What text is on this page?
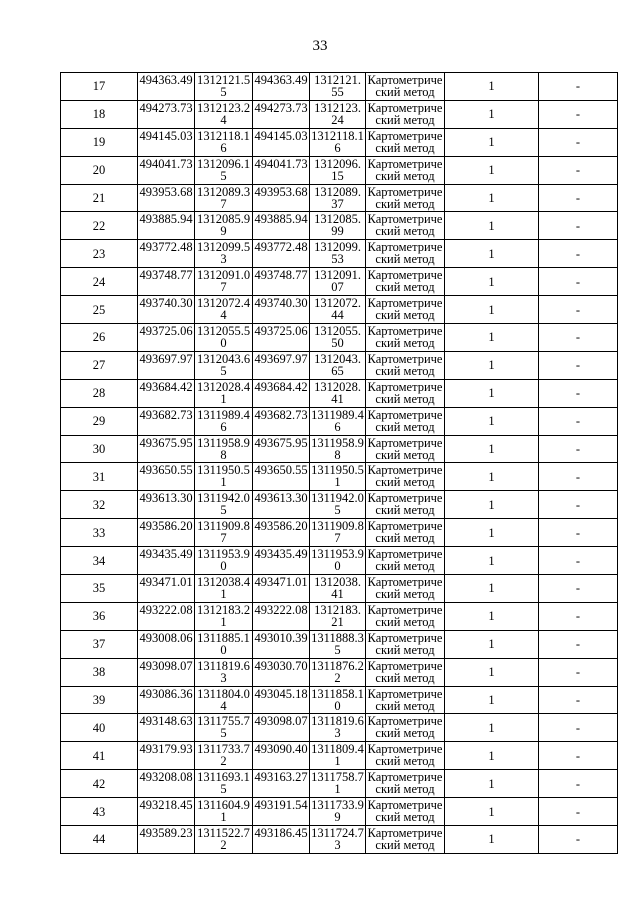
33
17	494363.49	1312121.55	494363.49	1312121.55	Картометрический метод	1	-

18	494273.73	1312123.24	494273.73	1312123.24	Картометрический метод	1	-

19	494145.03	1312118.16	494145.03	1312118.16	Картометрический метод	1	-

20	494041.73	1312096.15	494041.73	1312096.15	Картометрический метод	1	-

21	493953.68	1312089.37	493953.68	1312089.37	Картометрический метод	1	-

22	493885.94	1312085.99	493885.94	1312085.99	Картометрический метод	1	-

23	493772.48	1312099.53	493772.48	1312099.53	Картометрический метод	1	-

24	493748.77	1312091.07	493748.77	1312091.07	Картометрический метод	1	-

25	493740.30	1312072.44	493740.30	1312072.44	Картометрический метод	1	-

26	493725.06	1312055.50	493725.06	1312055.50	Картометрический метод	1	-

27	493697.97	1312043.65	493697.97	1312043.65	Картометрический метод	1	-

28	493684.42	1312028.41	493684.42	1312028.41	Картометрический метод	1	-

29	493682.73	1311989.46	493682.73	1311989.46	Картометрический метод	1	-

30	493675.95	1311958.98	493675.95	1311958.98	Картометрический метод	1	-

31	493650.55	1311950.51	493650.55	1311950.51	Картометрический метод	1	-

32	493613.30	1311942.05	493613.30	1311942.05	Картометрический метод	1	-

33	493586.20	1311909.87	493586.20	1311909.87	Картометрический метод	1	-

34	493435.49	1311953.90	493435.49	1311953.90	Картометрический метод	1	-

35	493471.01	1312038.41	493471.01	1312038.41	Картометрический метод	1	-

36	493222.08	1312183.21	493222.08	1312183.21	Картометрический метод	1	-

37	493008.06	1311885.10	493010.39	1311888.35	Картометрический метод	1	-

38	493098.07	1311819.63	493030.70	1311876.22	Картометрический метод	1	-

39	493086.36	1311804.04	493045.18	1311858.10	Картометрический метод	1	-

40	493148.63	1311755.75	493098.07	1311819.63	Картометрический метод	1	-

41	493179.93	1311733.72	493090.40	1311809.41	Картометрический метод	1	-

42	493208.08	1311693.15	493163.27	1311758.71	Картометрический метод	1	-

43	493218.45	1311604.91	493191.54	1311733.99	Картометрический метод	1	-

44	493589.23	1311522.72	493186.45	1311724.73	Картометрический метод	1	-
